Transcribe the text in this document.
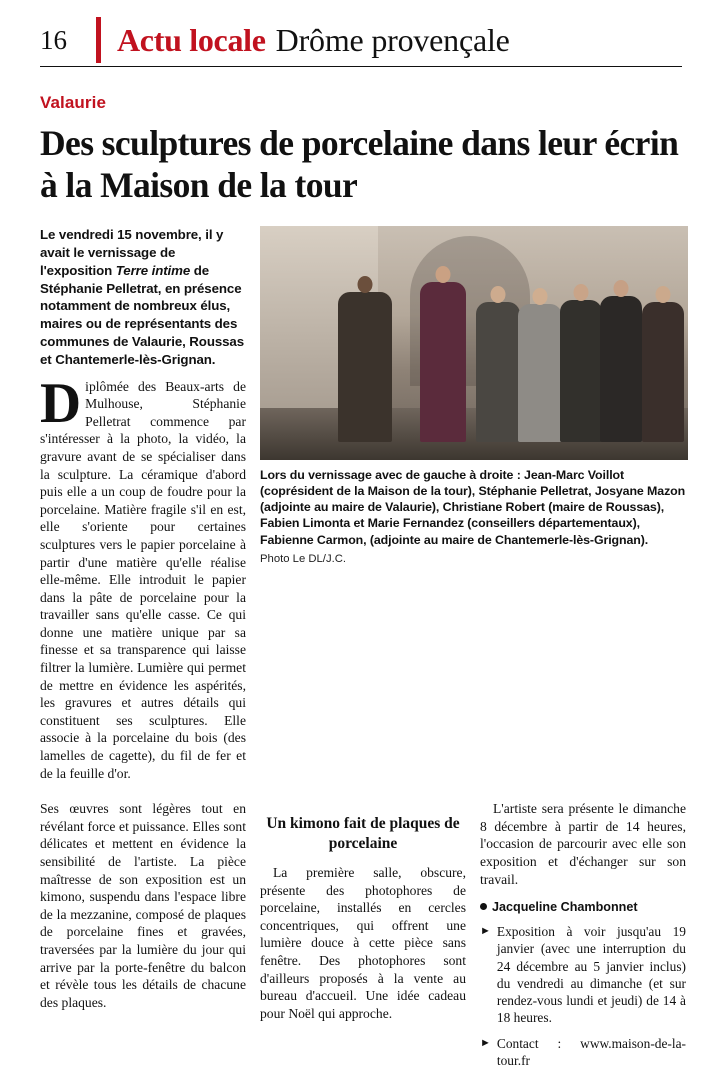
16	Actu locale Drôme provençale
Valaurie
Des sculptures de porcelaine dans leur écrin à la Maison de la tour

Le vendredi 15 novembre, il y avait le vernissage de l'exposition Terre intime de Stéphanie Pelletrat, en présence notamment de nombreux élus, maires ou de représentants des communes de Valaurie, Roussas et Chantemerle-lès-Grignan.

Diplômée des Beaux-arts de Mulhouse, Stéphanie Pelletrat commence par s'intéresser à la photo, la vidéo, la gravure avant de se spécialiser dans la sculpture. La céramique d'abord puis elle a un coup de foudre pour la porcelaine. Matière fragile s'il en est, elle s'oriente pour certaines sculptures vers le papier porcelaine à partir d'une matière qu'elle réalise elle-même. Elle introduit le papier dans la pâte de porcelaine pour la travailler sans qu'elle casse. Ce qui donne une matière unique par sa finesse et sa transparence qui laisse filtrer la lumière. Lumière qui permet de mettre en évidence les aspérités, les gravures et autres détails qui constituent ses sculptures. Elle associe à la porcelaine du bois (des lamelles de cagette), du fil de fer et de la feuille d'or.

Lors du vernissage avec de gauche à droite : Jean-Marc Voillot (coprésident de la Maison de la tour), Stéphanie Pelletrat, Josyane Mazon (adjointe au maire de Valaurie), Christiane Robert (maire de Roussas), Fabien Limonta et Marie Fernandez (conseillers départementaux), Fabienne Carmon, (adjointe au maire de Chantemerle-lès-Grignan).
Photo Le DL/J.C.

Ses œuvres sont légères tout en révélant force et puissance. Elles sont délicates et mettent en évidence la sensibilité de l'artiste. La pièce maîtresse de son exposition est un kimono, suspendu dans l'espace libre de la mezzanine, composé de plaques de porcelaine fines et gravées, traversées par la lumière du jour qui arrive par la porte-fenêtre du balcon et révèle tous les détails de chacune des plaques.

Un kimono fait de plaques de porcelaine

La première salle, obscure, présente des photophores de porcelaine, installés en cercles concentriques, qui offrent une lumière douce à cette pièce sans fenêtre. Des photophores sont d'ailleurs proposés à la vente au bureau d'accueil. Une idée cadeau pour Noël qui approche.

L'artiste sera présente le dimanche 8 décembre à partir de 14 heures, l'occasion de parcourir avec elle son exposition et d'échanger sur son travail.

Jacqueline Chambonnet
► Exposition à voir jusqu'au 19 janvier (avec une interruption du 24 décembre au 5 janvier inclus) du vendredi au dimanche (et sur rendez-vous lundi et jeudi) de 14 à 18 heures.
► Contact : www.maison-de-la-tour.fr
